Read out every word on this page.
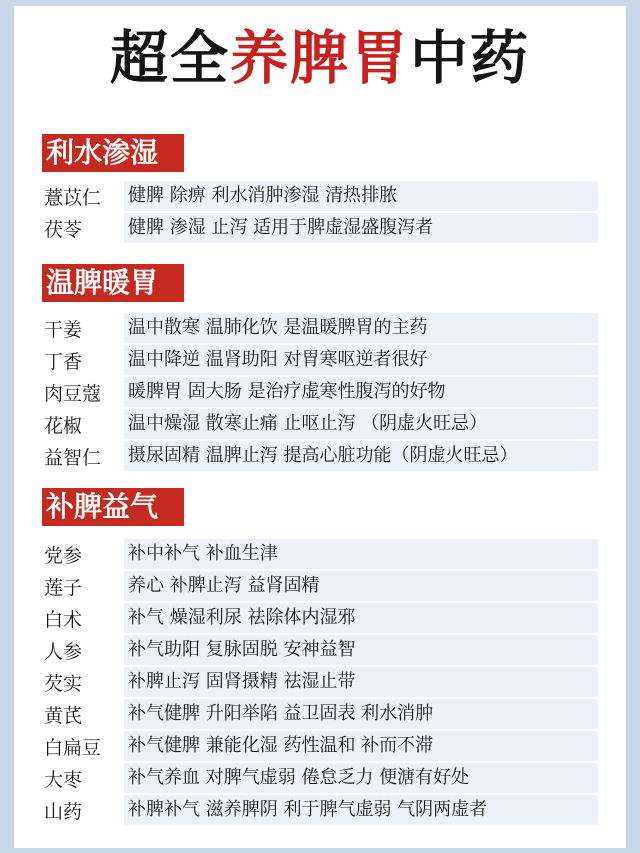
超全养脾胃中药
利水渗湿
薏苡仁	健脾 除痹 利水消肿渗湿 清热排脓
茯苓	健脾 渗湿 止泻 适用于脾虚湿盛腹泻者
温脾暖胃
干姜	温中散寒 温肺化饮 是温暖脾胃的主药
丁香	温中降逆 温肾助阳 对胃寒呕逆者很好
肉豆蔻	暖脾胃 固大肠 是治疗虚寒性腹泻的好物
花椒	温中燥湿 散寒止痛 止呕止泻 （阴虚火旺忌）
益智仁	摄尿固精 温脾止泻 提高心脏功能（阴虚火旺忌）
补脾益气
党参	补中补气 补血生津
莲子	养心 补脾止泻 益肾固精
白术	补气 燥湿利尿 祛除体内湿邪
人参	补气助阳 复脉固脱 安神益智
芡实	补脾止泻 固肾摄精 祛湿止带
黄芪	补气健脾 升阳举陷 益卫固表 利水消肿
白扁豆	补气健脾 兼能化湿 药性温和 补而不滞
大枣	补气养血 对脾气虚弱 倦怠乏力 便溏有好处
山药	补脾补气 滋养脾阴 利于脾气虚弱 气阴两虚者
